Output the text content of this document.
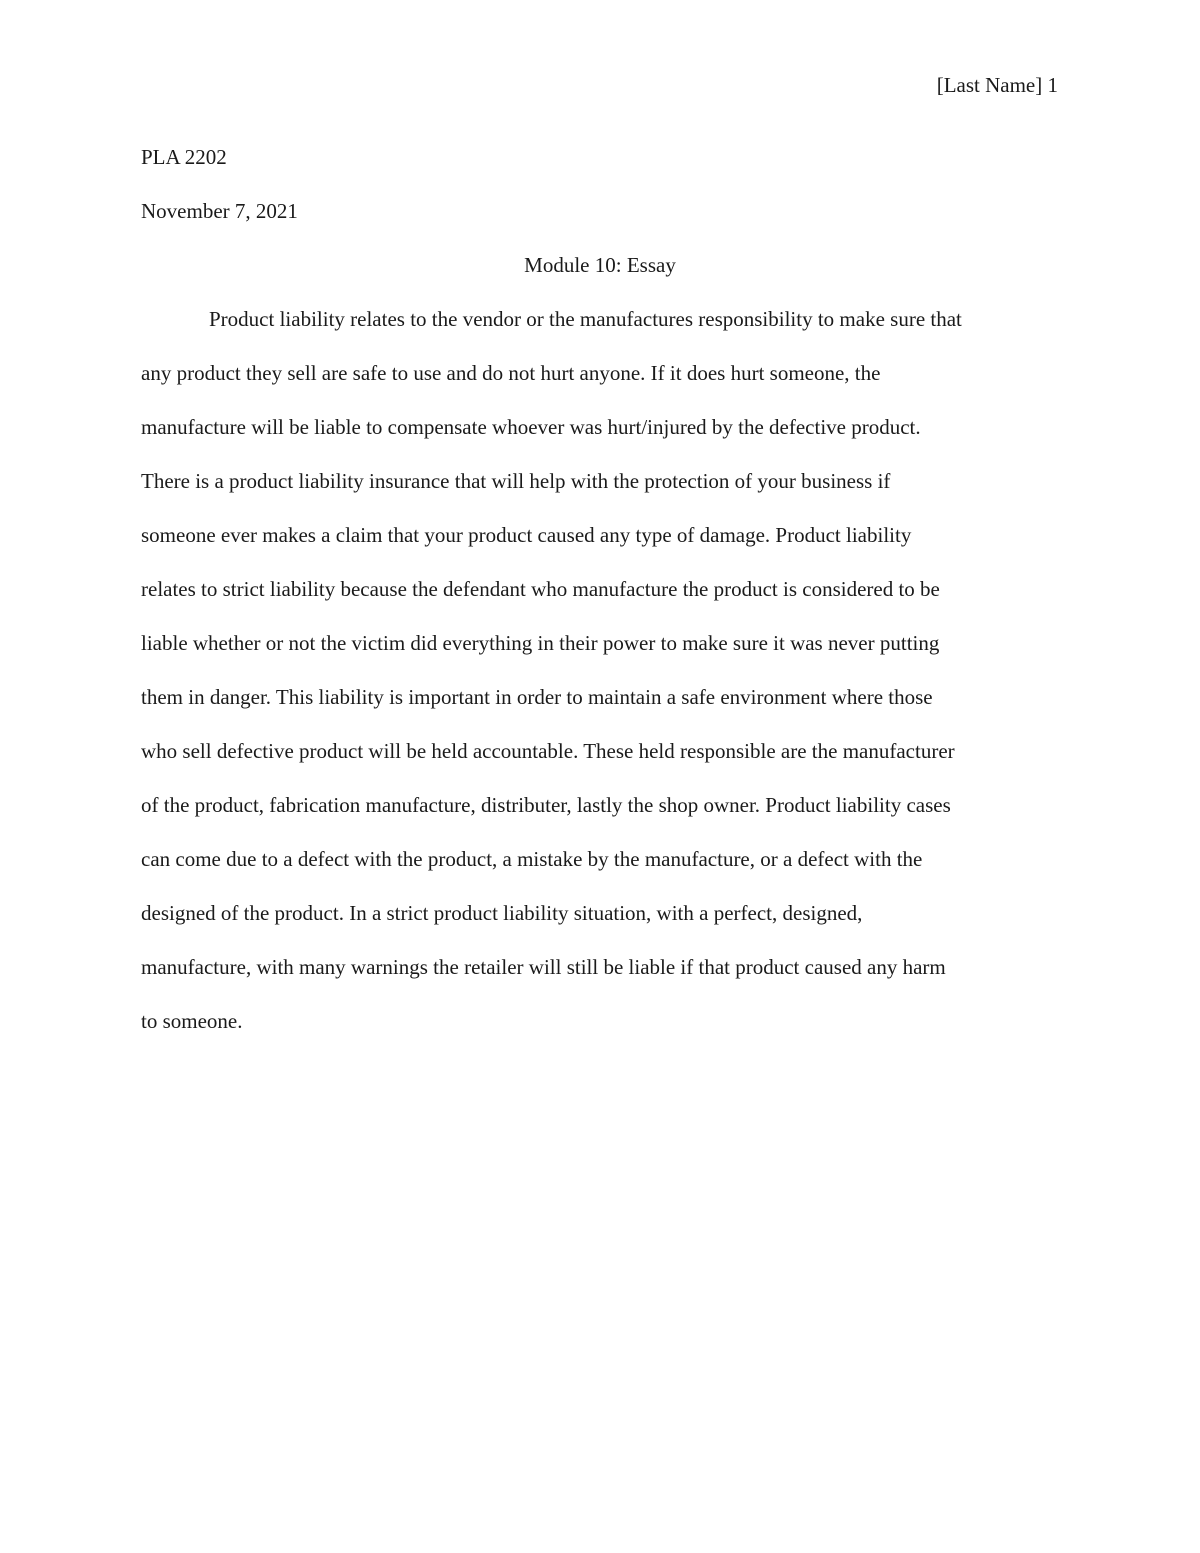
[Last Name] 1
PLA 2202
November 7, 2021
Module 10: Essay
Product liability relates to the vendor or the manufactures responsibility to make sure that
any product they sell are safe to use and do not hurt anyone. If it does hurt someone, the
manufacture will be liable to compensate whoever was hurt/injured by the defective product.
There is a product liability insurance that will help with the protection of your business if
someone ever makes a claim that your product caused any type of damage. Product liability
relates to strict liability because the defendant who manufacture the product is considered to be
liable whether or not the victim did everything in their power to make sure it was never putting
them in danger. This liability is important in order to maintain a safe environment where those
who sell defective product will be held accountable. These held responsible are the manufacturer
of the product, fabrication manufacture, distributer, lastly the shop owner. Product liability cases
can come due to a defect with the product, a mistake by the manufacture, or a defect with the
designed of the product. In a strict product liability situation, with a perfect, designed,
manufacture, with many warnings the retailer will still be liable if that product caused any harm
to someone.
